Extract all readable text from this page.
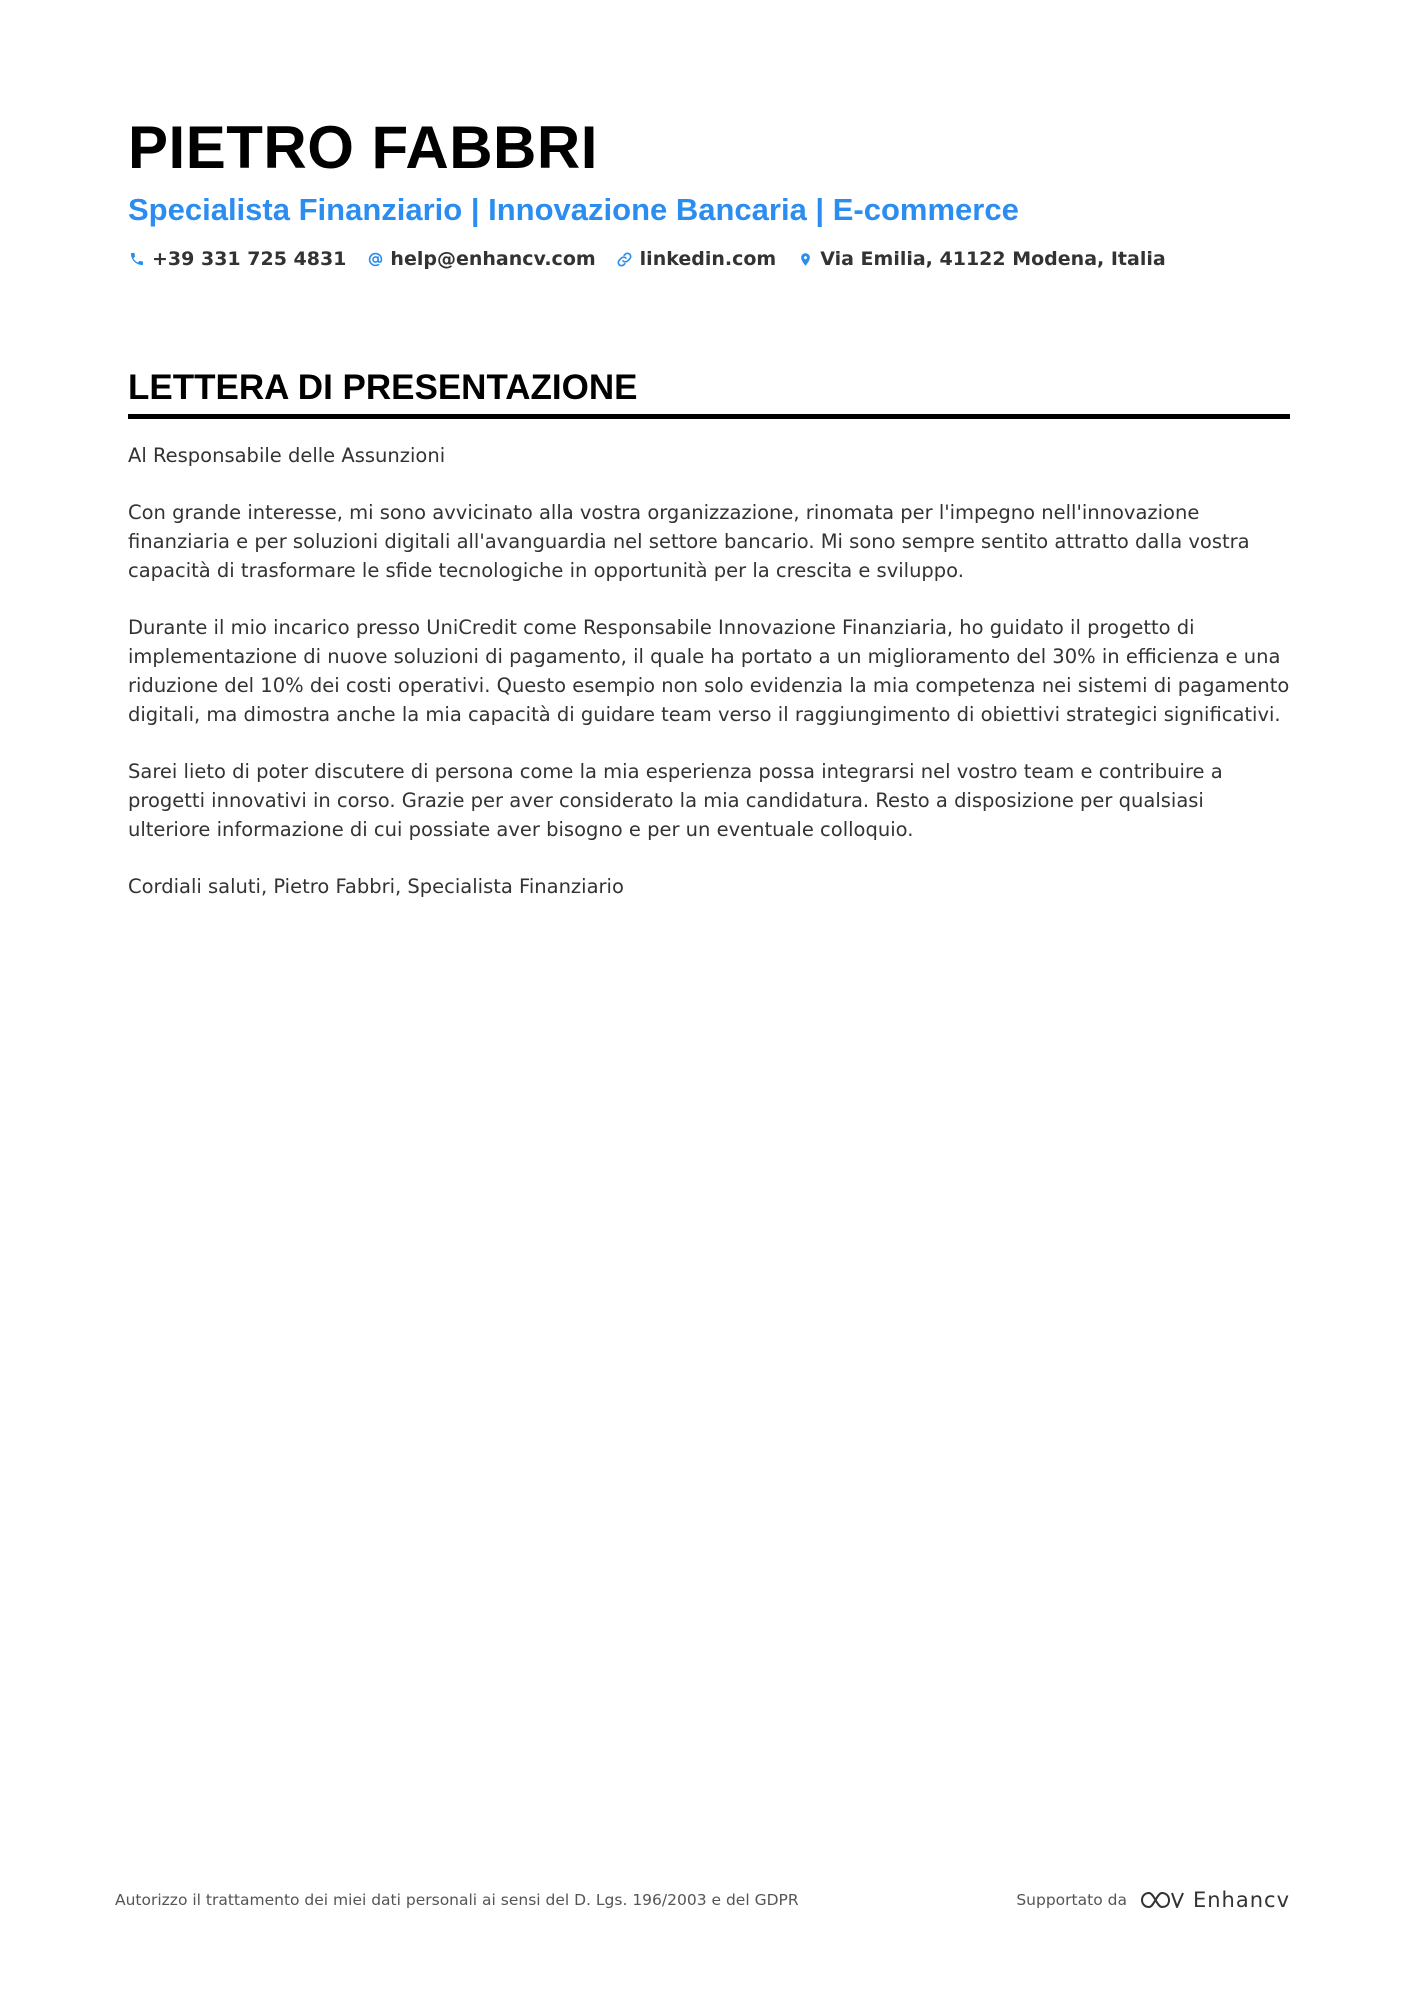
PIETRO FABBRI
Specialista Finanziario | Innovazione Bancaria | E-commerce
+39 331 725 4831 help@enhancv.com linkedin.com Via Emilia, 41122 Modena, Italia
LETTERA DI PRESENTAZIONE

Al Responsabile delle Assunzioni

Con grande interesse, mi sono avvicinato alla vostra organizzazione, rinomata per l'impegno nell'innovazione finanziaria e per soluzioni digitali all'avanguardia nel settore bancario. Mi sono sempre sentito attratto dalla vostra capacità di trasformare le sfide tecnologiche in opportunità per la crescita e sviluppo.

Durante il mio incarico presso UniCredit come Responsabile Innovazione Finanziaria, ho guidato il progetto di implementazione di nuove soluzioni di pagamento, il quale ha portato a un miglioramento del 30% in efficienza e una riduzione del 10% dei costi operativi. Questo esempio non solo evidenzia la mia competenza nei sistemi di pagamento digitali, ma dimostra anche la mia capacità di guidare team verso il raggiungimento di obiettivi strategici significativi.

Sarei lieto di poter discutere di persona come la mia esperienza possa integrarsi nel vostro team e contribuire a progetti innovativi in corso. Grazie per aver considerato la mia candidatura. Resto a disposizione per qualsiasi ulteriore informazione di cui possiate aver bisogno e per un eventuale colloquio.

Cordiali saluti, Pietro Fabbri, Specialista Finanziario

Autorizzo il trattamento dei miei dati personali ai sensi del D. Lgs. 196/2003 e del GDPR	Supportato da	Enhancv
